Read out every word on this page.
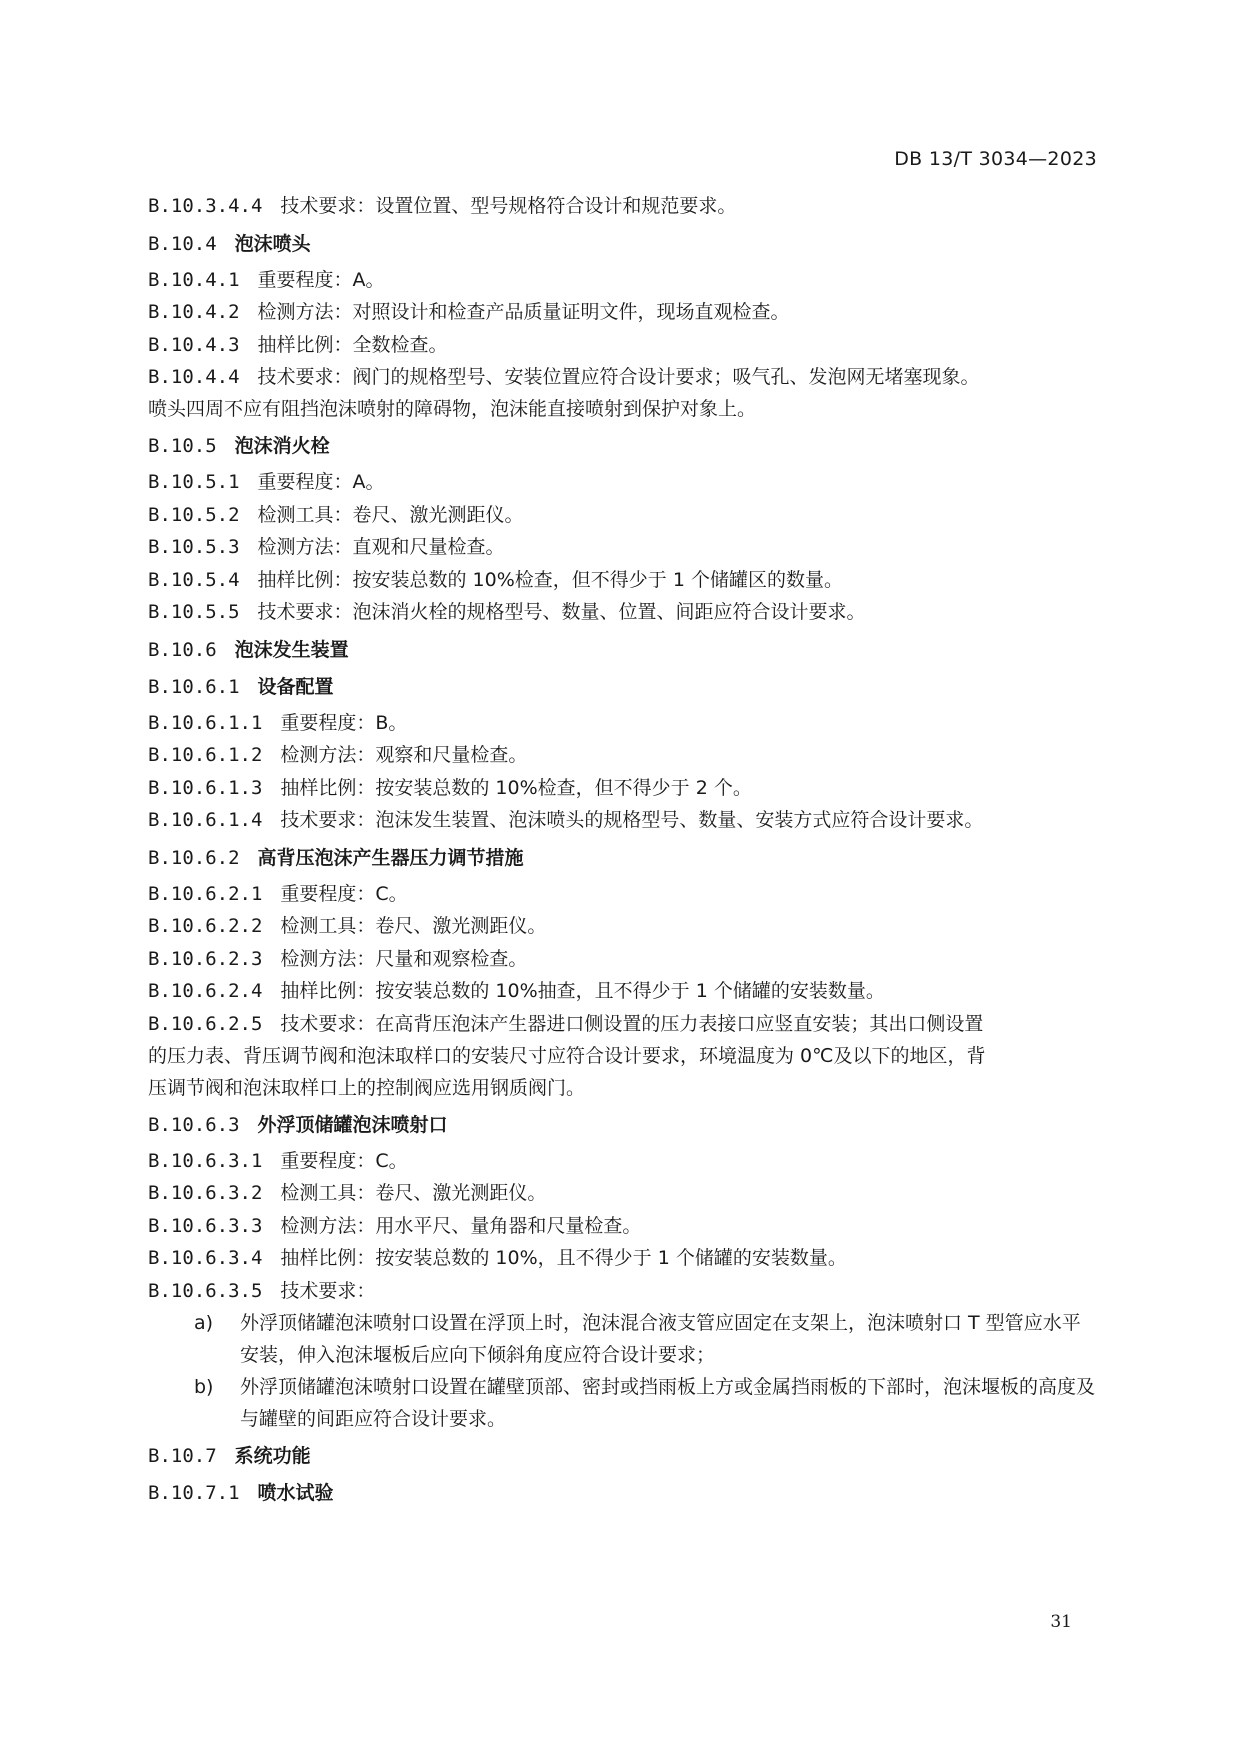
DB 13/T 3034—2023
B.10.3.4.4 技术要求：设置位置、型号规格符合设计和规范要求。
B.10.4 泡沫喷头
B.10.4.1 重要程度：A。
B.10.4.2 检测方法：对照设计和检查产品质量证明文件，现场直观检查。
B.10.4.3 抽样比例：全数检查。
B.10.4.4 技术要求：阀门的规格型号、安装位置应符合设计要求；吸气孔、发泡网无堵塞现象。
喷头四周不应有阻挡泡沫喷射的障碍物，泡沫能直接喷射到保护对象上。
B.10.5 泡沫消火栓
B.10.5.1 重要程度：A。
B.10.5.2 检测工具：卷尺、激光测距仪。
B.10.5.3 检测方法：直观和尺量检查。
B.10.5.4 抽样比例：按安装总数的 10%检查，但不得少于 1 个储罐区的数量。
B.10.5.5 技术要求：泡沫消火栓的规格型号、数量、位置、间距应符合设计要求。
B.10.6 泡沫发生装置
B.10.6.1 设备配置
B.10.6.1.1 重要程度：B。
B.10.6.1.2 检测方法：观察和尺量检查。
B.10.6.1.3 抽样比例：按安装总数的 10%检查，但不得少于 2 个。
B.10.6.1.4 技术要求：泡沫发生装置、泡沫喷头的规格型号、数量、安装方式应符合设计要求。
B.10.6.2 高背压泡沫产生器压力调节措施
B.10.6.2.1 重要程度：C。
B.10.6.2.2 检测工具：卷尺、激光测距仪。
B.10.6.2.3 检测方法：尺量和观察检查。
B.10.6.2.4 抽样比例：按安装总数的 10%抽查，且不得少于 1 个储罐的安装数量。
B.10.6.2.5 技术要求：在高背压泡沫产生器进口侧设置的压力表接口应竖直安装；其出口侧设置
的压力表、背压调节阀和泡沫取样口的安装尺寸应符合设计要求，环境温度为 0℃及以下的地区，背
压调节阀和泡沫取样口上的控制阀应选用钢质阀门。
B.10.6.3 外浮顶储罐泡沫喷射口
B.10.6.3.1 重要程度：C。
B.10.6.3.2 检测工具：卷尺、激光测距仪。
B.10.6.3.3 检测方法：用水平尺、量角器和尺量检查。
B.10.6.3.4 抽样比例：按安装总数的 10%，且不得少于 1 个储罐的安装数量。
B.10.6.3.5 技术要求：
a) 外浮顶储罐泡沫喷射口设置在浮顶上时，泡沫混合液支管应固定在支架上，泡沫喷射口 T 型管应水平安装，伸入泡沫堰板后应向下倾斜角度应符合设计要求；
b) 外浮顶储罐泡沫喷射口设置在罐壁顶部、密封或挡雨板上方或金属挡雨板的下部时，泡沫堰板的高度及与罐壁的间距应符合设计要求。
B.10.7 系统功能
B.10.7.1 喷水试验
31
